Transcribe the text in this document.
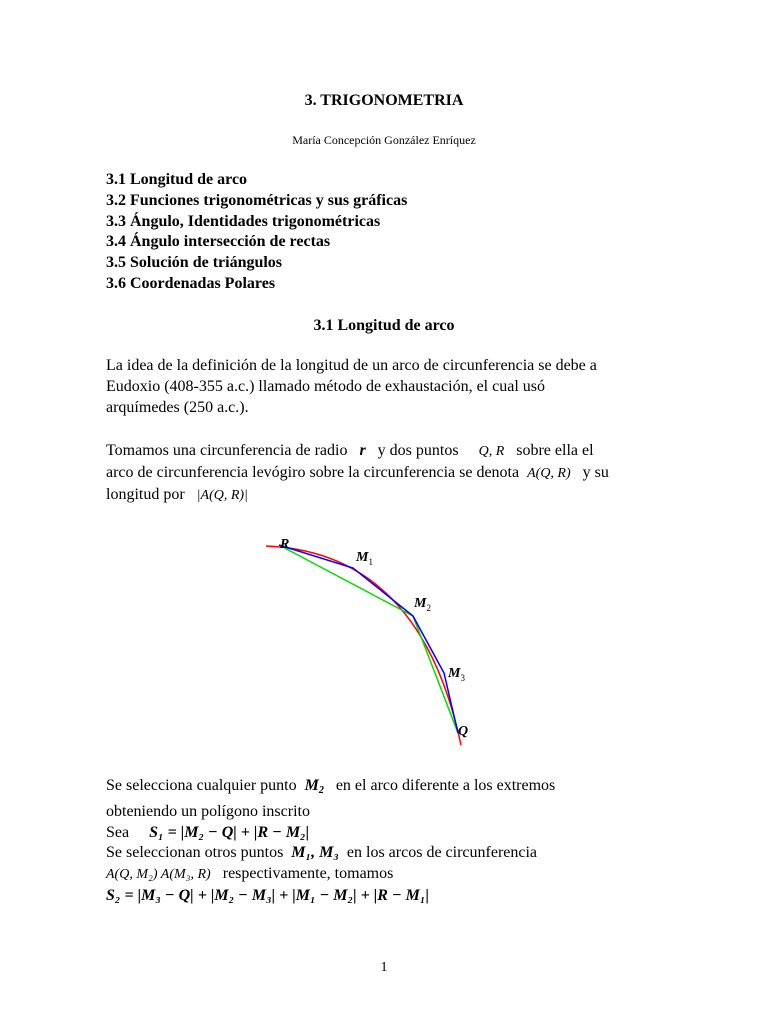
3. TRIGONOMETRIA
María Concepción González Enríquez
3.1 Longitud de arco
3.2 Funciones trigonométricas y sus gráficas
3.3 Ángulo, Identidades trigonométricas
3.4 Ángulo intersección de rectas
3.5 Solución de triángulos
3.6 Coordenadas Polares
3.1 Longitud de arco
La idea de la definición de la longitud de un arco de circunferencia se debe a
Eudoxio (408-355 a.c.) llamado método de exhaustación, el cual usó
arquímedes (250 a.c.).
Tomamos una circunferencia de radio r y dos puntos Q, R sobre ella el
arco de circunferencia levógiro sobre la circunferencia se denota A(Q, R) y su
longitud por |A(Q, R)|
R
$M_1$
$M_2$
$M_3$
Q
Se selecciona cualquier punto $M_2$ en el arco diferente a los extremos
obteniendo un polígono inscrito
Sea S₁ = |M₂ − Q| + |R − M₂|
Se seleccionan otros puntos M₁, M₃ en los arcos de circunferencia
A(Q, M₂) A(M₃, R) respectivamente, tomamos
S₂ = |M₃ − Q| + |M₂ − M₃| + |M₁ − M₂| + |R − M₁|
1
